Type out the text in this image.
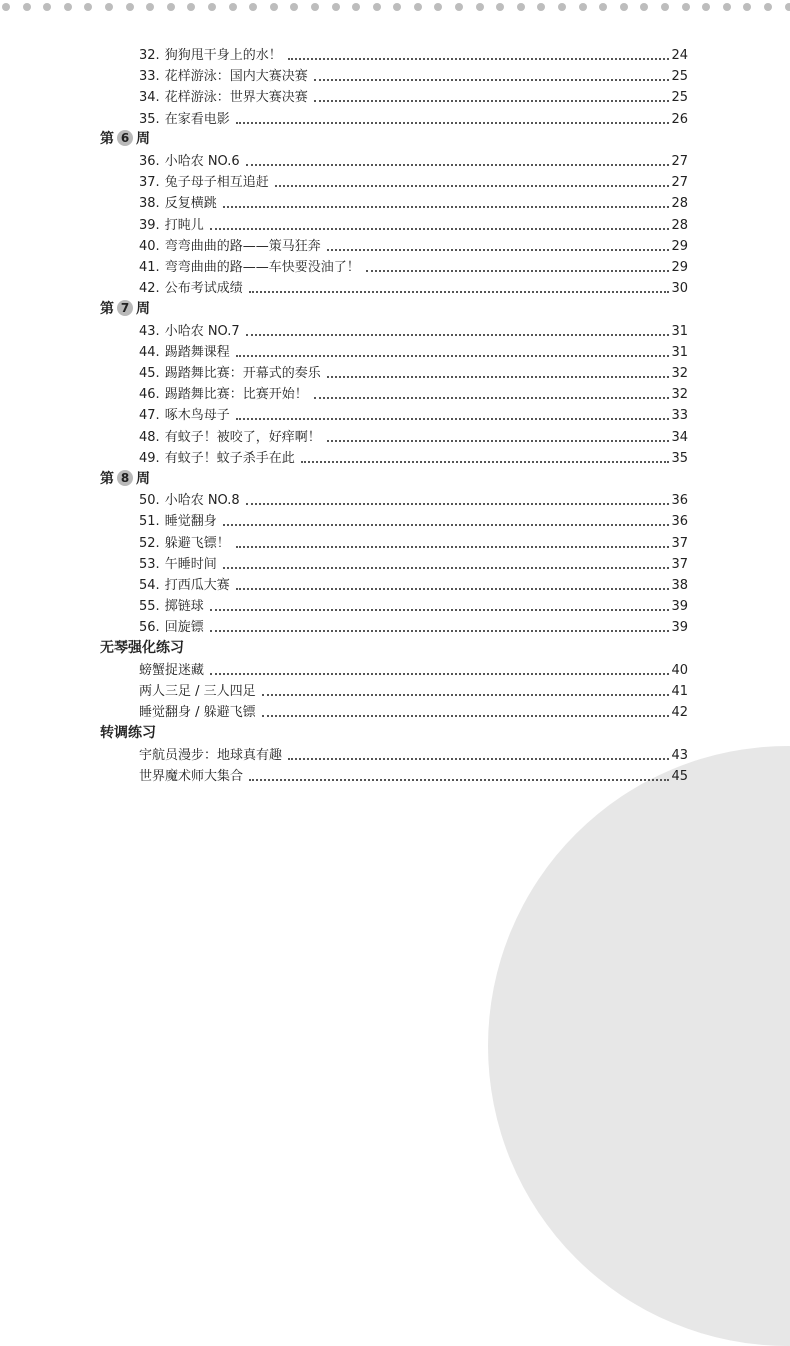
32. 狗狗甩干身上的水！	24
33. 花样游泳：国内大赛决赛	25
34. 花样游泳：世界大赛决赛	25
35. 在家看电影	26
第 6 周
36. 小哈农 NO.6	27
37. 兔子母子相互追赶	27
38. 反复横跳	28
39. 打盹儿	28
40. 弯弯曲曲的路——策马狂奔	29
41. 弯弯曲曲的路——车快要没油了！	29
42. 公布考试成绩	30
第 7 周
43. 小哈农 NO.7	31
44. 踢踏舞课程	31
45. 踢踏舞比赛：开幕式的奏乐	32
46. 踢踏舞比赛：比赛开始！	32
47. 啄木鸟母子	33
48. 有蚊子！被咬了，好痒啊！	34
49. 有蚊子！蚊子杀手在此	35
第 8 周
50. 小哈农 NO.8	36
51. 睡觉翻身	36
52. 躲避飞镖！	37
53. 午睡时间	37
54. 打西瓜大赛	38
55. 掷链球	39
56. 回旋镖	39
无琴强化练习
螃蟹捉迷藏	40
两人三足 / 三人四足	41
睡觉翻身 / 躲避飞镖	42
转调练习
宇航员漫步：地球真有趣	43
世界魔术师大集合	45
